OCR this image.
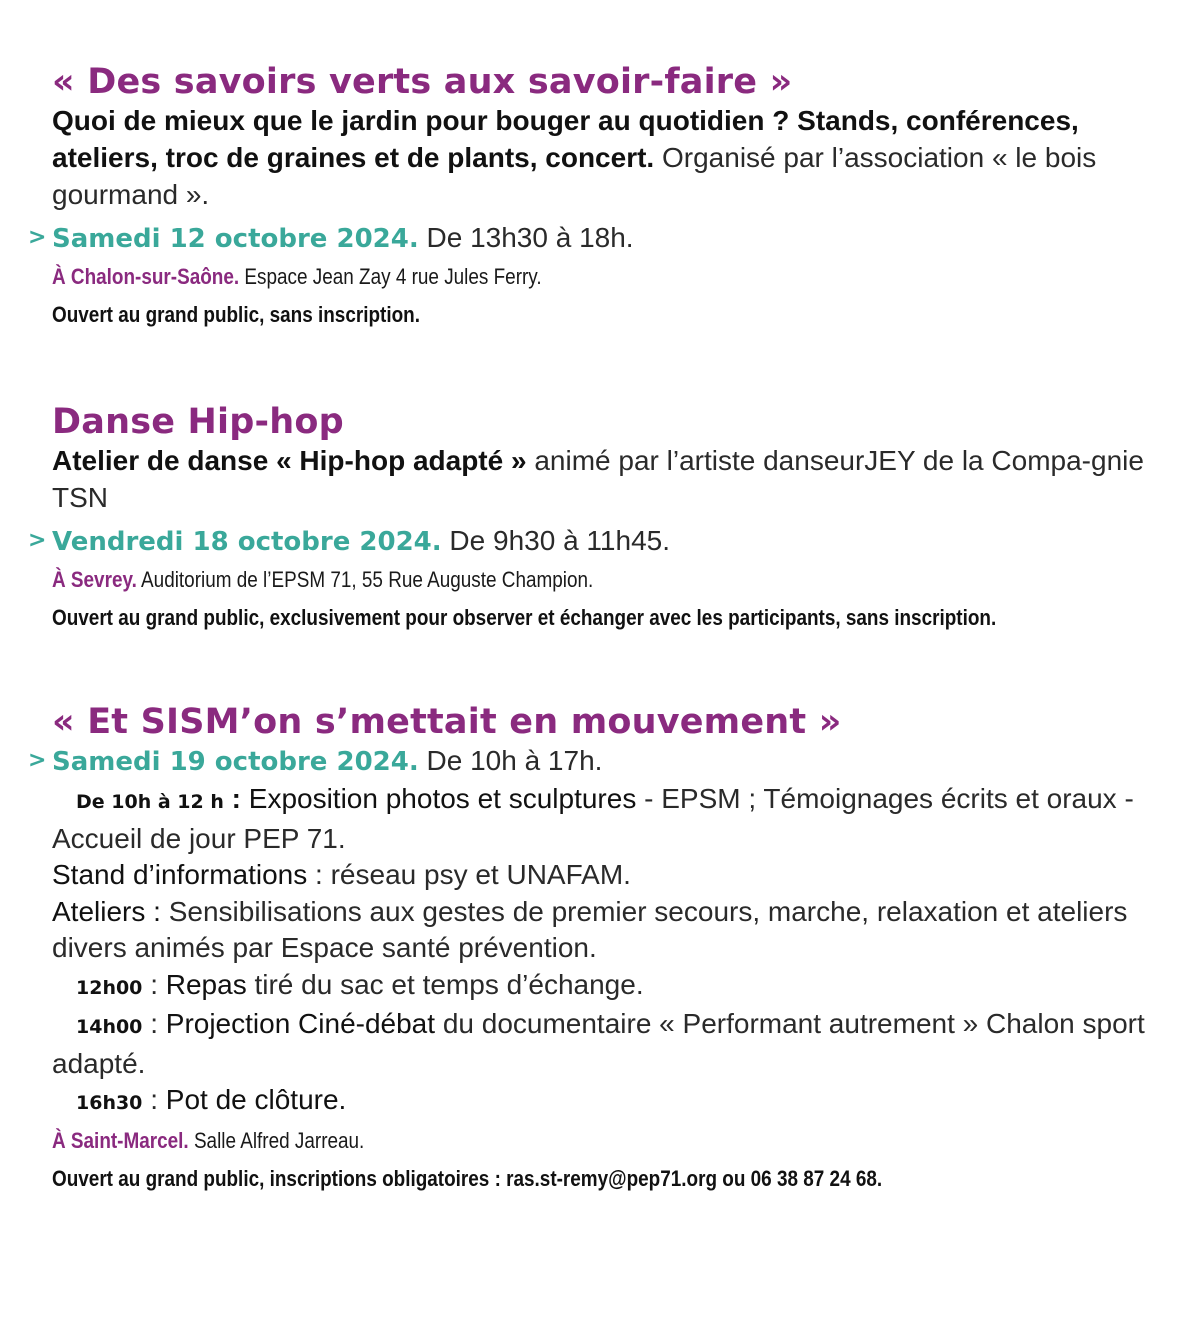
« Des savoirs verts aux savoir-faire »
Quoi de mieux que le jardin pour bouger au quotidien ? Stands, conférences, ateliers, troc de graines et de plants, concert. Organisé par l’association « le bois gourmand ».
> Samedi 12 octobre 2024. De 13h30 à 18h.
À Chalon-sur-Saône. Espace Jean Zay 4 rue Jules Ferry.
Ouvert au grand public, sans inscription.
Danse Hip-hop
Atelier de danse « Hip-hop adapté » animé par l’artiste danseurJEY de la Compa-gnie TSN
> Vendredi 18 octobre 2024. De 9h30 à 11h45.
À Sevrey. Auditorium de l’EPSM 71, 55 Rue Auguste Champion.
Ouvert au grand public, exclusivement pour observer et échanger avec les participants, sans inscription.
« Et SISM’on s’mettait en mouvement »
> Samedi 19 octobre 2024. De 10h à 17h.
De 10h à 12 h : Exposition photos et sculptures - EPSM ; Témoignages écrits et oraux - Accueil de jour PEP 71.
Stand d’informations : réseau psy et UNAFAM.
Ateliers : Sensibilisations aux gestes de premier secours, marche, relaxation et ateliers divers animés par Espace santé prévention.
12h00 : Repas tiré du sac et temps d’échange.
14h00 : Projection Ciné-débat du documentaire « Performant autrement » Chalon sport adapté.
16h30 : Pot de clôture.
À Saint-Marcel. Salle Alfred Jarreau.
Ouvert au grand public, inscriptions obligatoires : ras.st-remy@pep71.org ou 06 38 87 24 68.
